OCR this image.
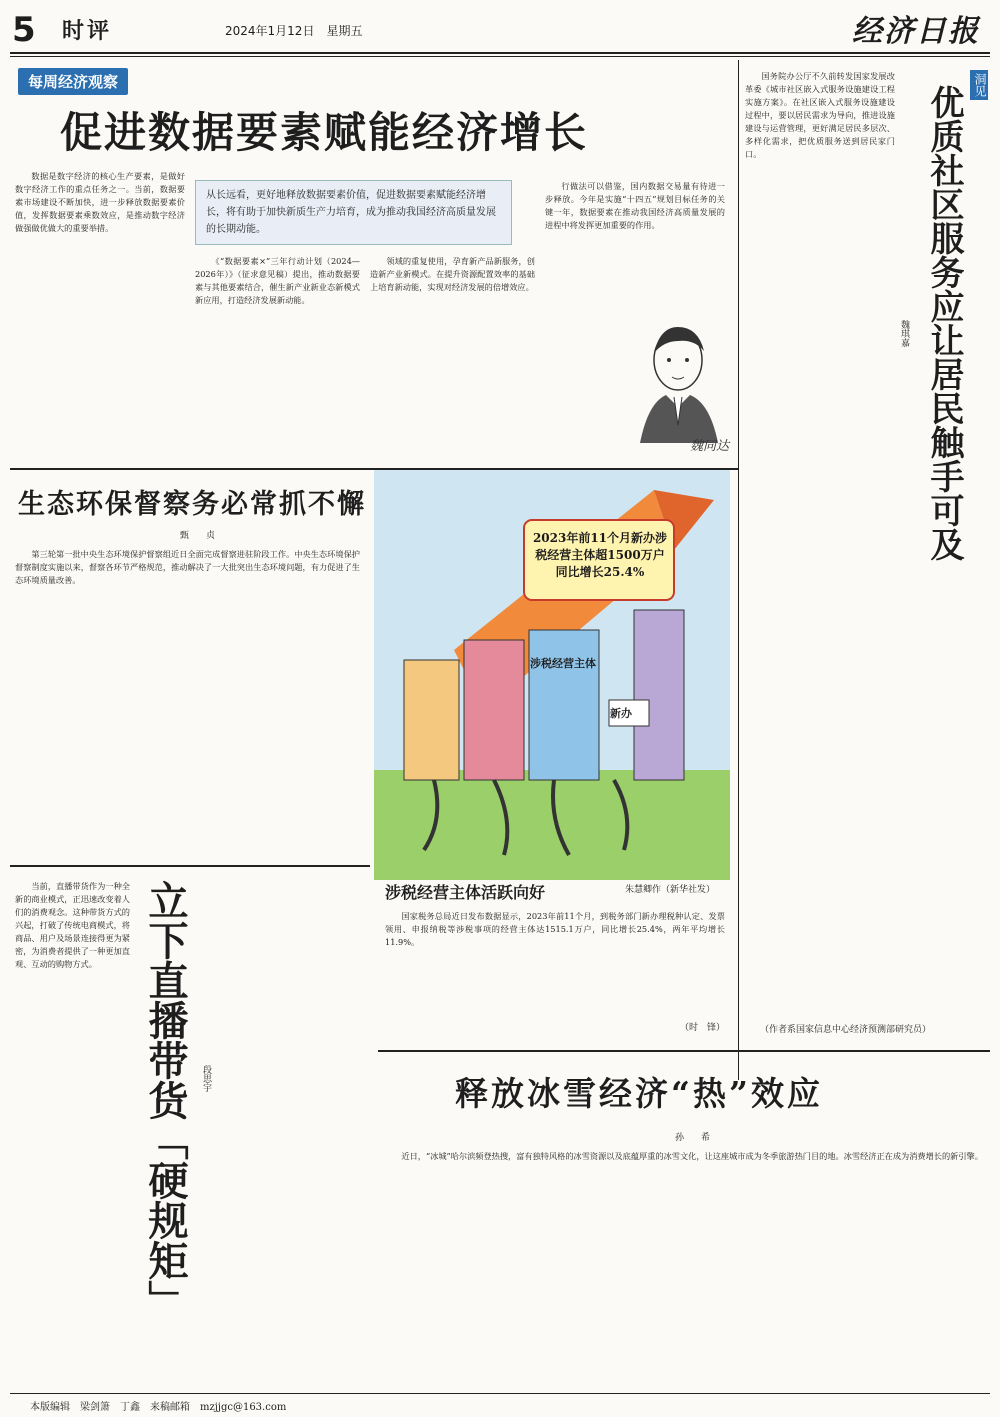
5 时评	2024年1月12日　星期五	经济日报
每周经济观察
促进数据要素赋能经济增长
从长远看，更好地释放数据要素价值，促进数据要素赋能经济增长，将有助于加快新质生产力培育，成为推动我国经济高质量发展的长期动能。

数据是数字经济的核心生产要素，是做好数字经济工作的重点任务之一。当前，数据要素市场建设不断加快，进一步释放数据要素价值，发挥数据要素乘数效应，是推动数字经济做强做优做大的重要举措。

《“数据要素×”三年行动计划（2024—2026年）》（征求意见稿）提出，推动数据要素与其他要素结合，催生新产业新业态新模式新应用，打造经济发展新动能。

领域的重复使用，孕育新产品新服务，创造新产业新模式。在提升资源配置效率的基础上培育新动能，实现对经济发展的倍增效应。

行做法可以借鉴，国内数据交易量有待进一步释放。今年是实施“十四五”规划目标任务的关键一年，数据要素在推动我国经济高质量发展的进程中将发挥更加重要的作用。

魏同达
洞见
优质社区服务应让居民触手可及
魏琪嘉

国务院办公厅不久前转发国家发展改革委《城市社区嵌入式服务设施建设工程实施方案》。在社区嵌入式服务设施建设过程中，要以居民需求为导向，推进设施建设与运营管理，更好满足居民多层次、多样化需求，把优质服务送到居民家门口。

（作者系国家信息中心经济预测部研究员）
生态环保督察务必常抓不懈
甄　贞

第三轮第一批中央生态环境保护督察组近日全面完成督察进驻阶段工作。中央生态环境保护督察制度实施以来，督察各环节严格规范，推动解决了一大批突出生态环境问题，有力促进了生态环境质量改善。

2023年前11个月新办涉税经营主体超1500万户同比增长25.4%
涉税经营主体
新办
涉税经营主体活跃向好	朱慧卿作（新华社发）

国家税务总局近日发布数据显示，2023年前11个月，到税务部门新办理税种认定、发票领用、申报纳税等涉税事项的经营主体达1515.1万户，同比增长25.4%，两年平均增长11.9%。

（时　锋）
立下直播带货「硬规矩」 段思宇

当前，直播带货作为一种全新的商业模式，正迅速改变着人们的消费观念。这种带货方式的兴起，打破了传统电商模式，将商品、用户及场景连接得更为紧密，为消费者提供了一种更加直观、互动的购物方式。

释放冰雪经济“热”效应
孙　希

近日，“冰城”哈尔滨频登热搜，富有独特风格的冰雪资源以及底蕴厚重的冰雪文化，让这座城市成为冬季旅游热门目的地。冰雪经济正在成为消费增长的新引擎。

本版编辑　梁剑箫　丁鑫　来稿邮箱　mzjjgc@163.com
